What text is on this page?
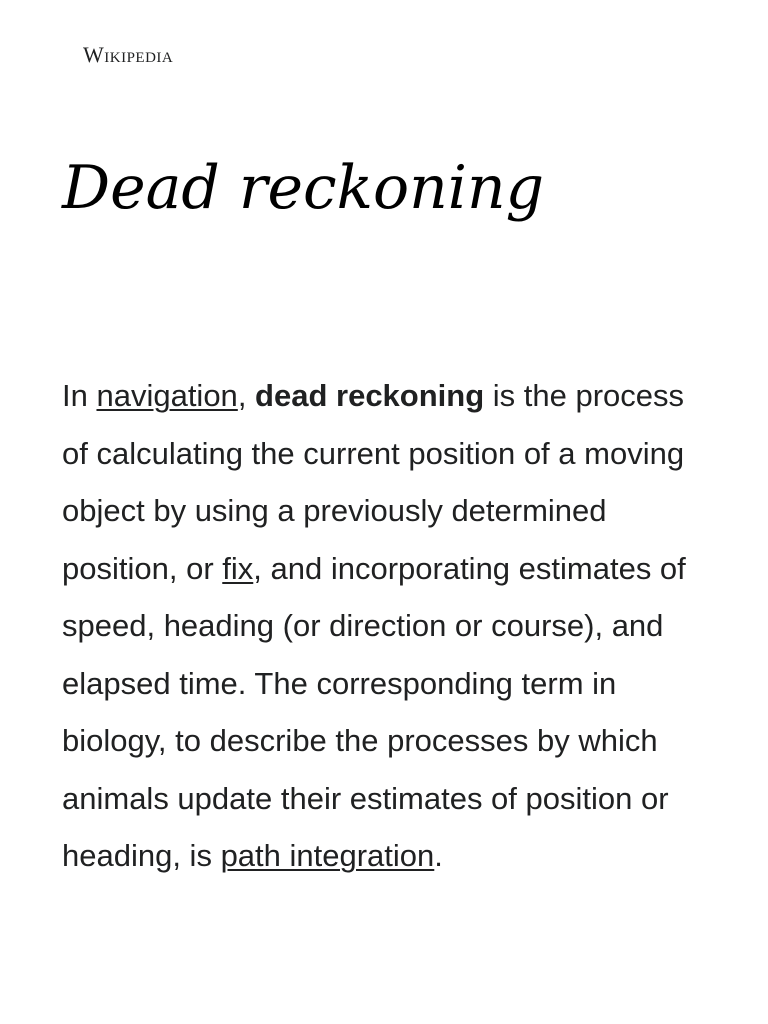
Wikipedia
Dead reckoning

In navigation, dead reckoning is the process of calculating the current position of a moving object by using a previously determined position, or fix, and incorporating estimates of speed, heading (or direction or course), and elapsed time. The corresponding term in biology, to describe the processes by which animals update their estimates of position or heading, is path integration.
